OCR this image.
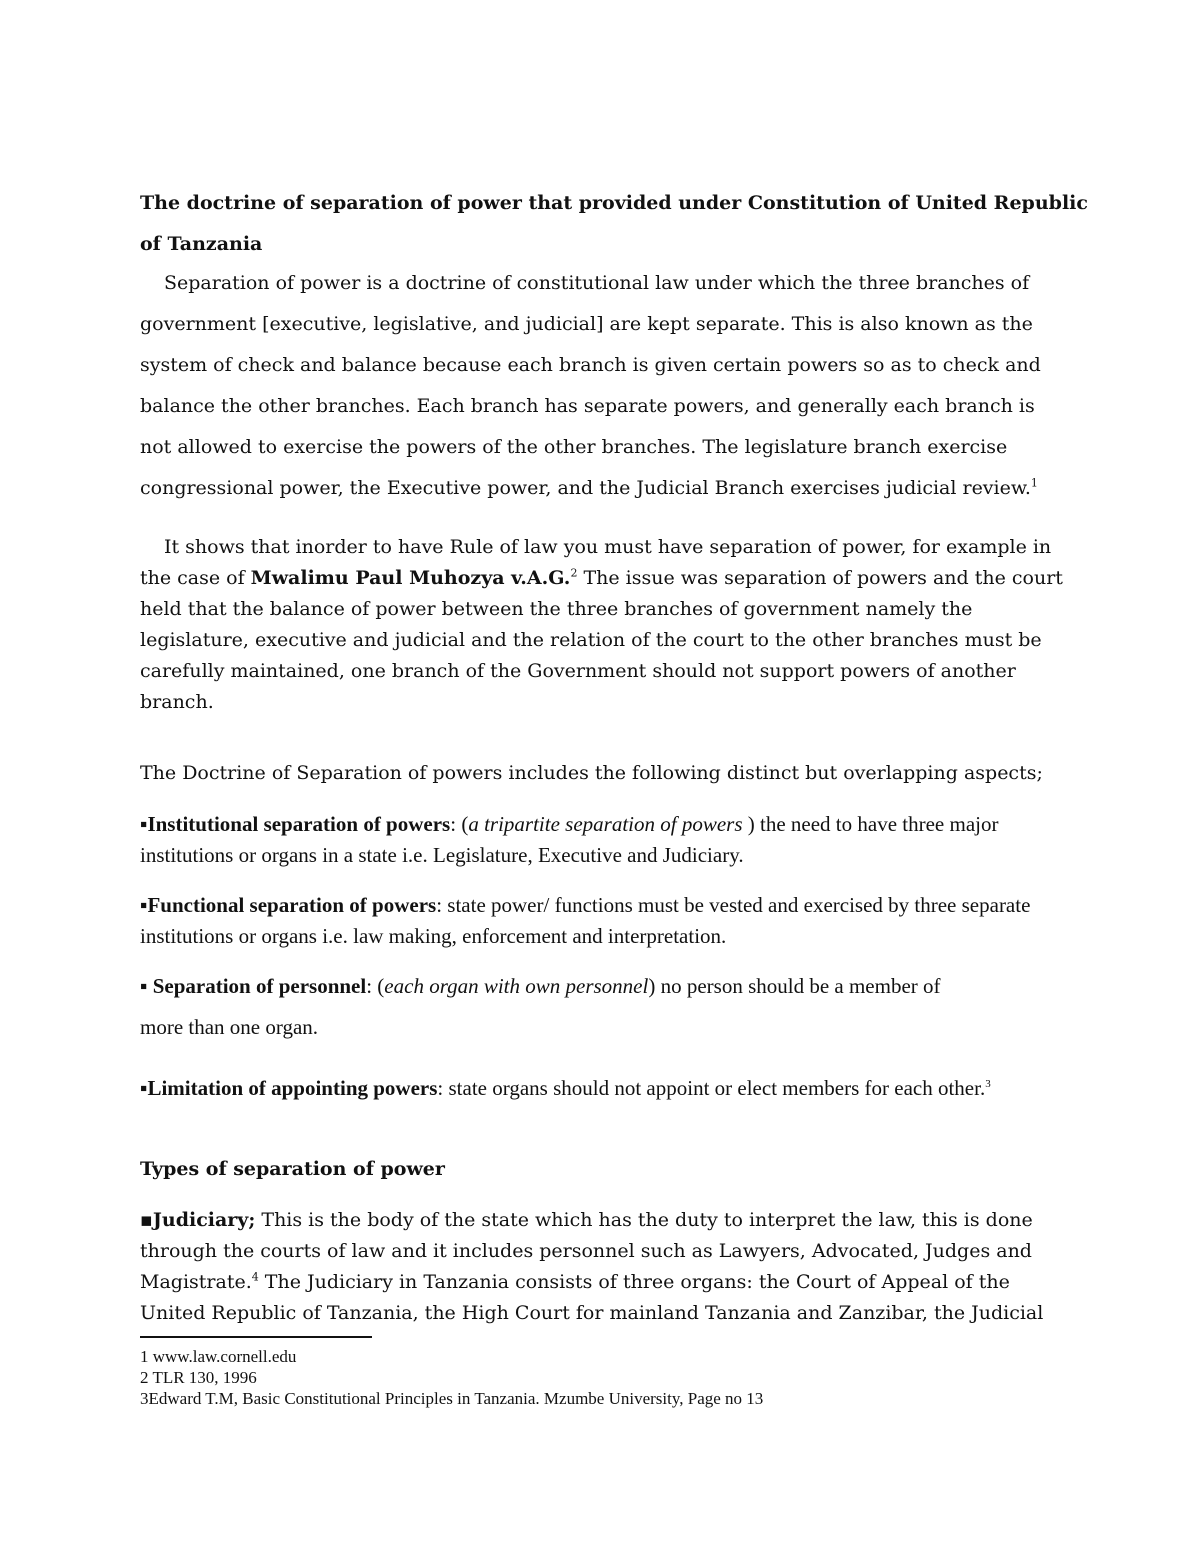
The doctrine of separation of power that provided under Constitution of United Republic
of Tanzania

Separation of power is a doctrine of constitutional law under which the three branches of government [executive, legislative, and judicial] are kept separate. This is also known as the system of check and balance because each branch is given certain powers so as to check and balance the other branches. Each branch has separate powers, and generally each branch is not allowed to exercise the powers of the other branches. The legislature branch exercise congressional power, the Executive power, and the Judicial Branch exercises judicial review.$^1$

It shows that inorder to have Rule of law you must have separation of power, for example in the case of Mwalimu Paul Muhozya v.A.G.$^2$ The issue was separation of powers and the court held that the balance of power between the three branches of government namely the legislature, executive and judicial and the relation of the court to the other branches must be carefully maintained, one branch of the Government should not support powers of another branch.

The Doctrine of Separation of powers includes the following distinct but overlapping aspects;

▪Institutional separation of powers: (a tripartite separation of powers ) the need to have three major institutions or organs in a state i.e. Legislature, Executive and Judiciary.

▪Functional separation of powers: state power/ functions must be vested and exercised by three separate institutions or organs i.e. law making, enforcement and interpretation.

▪ Separation of personnel: (each organ with own personnel) no person should be a member of

more than one organ.

▪Limitation of appointing powers: state organs should not appoint or elect members for each other.$^3$

Types of separation of power

▪Judiciary; This is the body of the state which has the duty to interpret the law, this is done through the courts of law and it includes personnel such as Lawyers, Advocated, Judges and Magistrate.$^4$ The Judiciary in Tanzania consists of three organs: the Court of Appeal of the United Republic of Tanzania, the High Court for mainland Tanzania and Zanzibar, the Judicial

1 www.law.cornell.edu
2 TLR 130, 1996
3Edward T.M, Basic Constitutional Principles in Tanzania. Mzumbe University, Page no 13
